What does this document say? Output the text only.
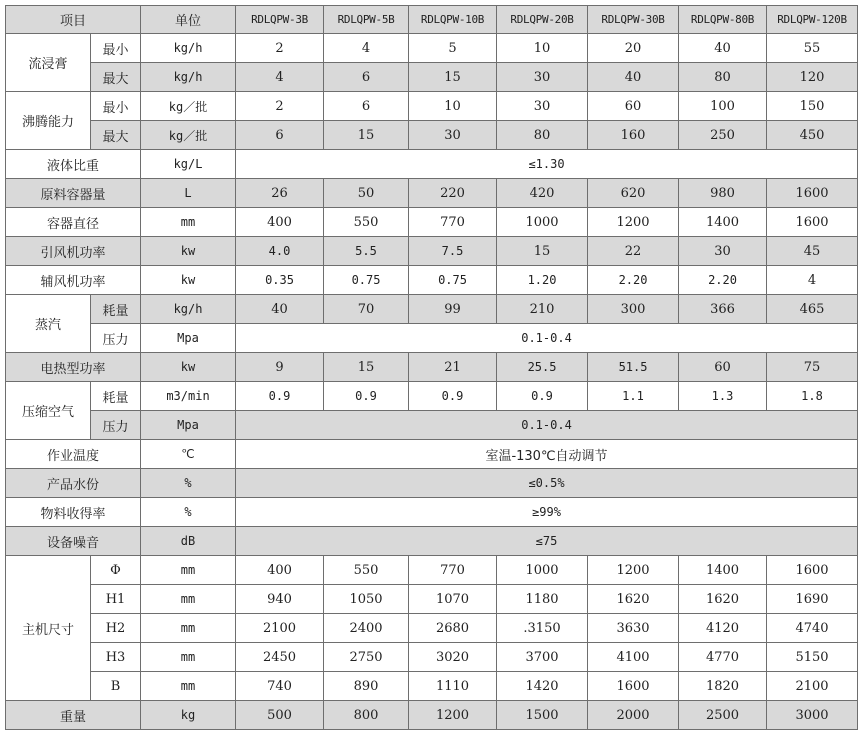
项目		单位	RDLQPW-3B	RDLQPW-5B	RDLQPW-10B	RDLQPW-20B	RDLQPW-30B	RDLQPW-80B	RDLQPW-120B
流浸膏	最小	kg/h	2	4	5	10	20	40	55
	最大	kg/h	4	6	15	30	40	80	120
沸腾能力	最小	kg／批	2	6	10	30	60	100	150
	最大	kg／批	6	15	30	80	160	250	450
液体比重		kg/L	≤1.30						
原料容器量		L	26	50	220	420	620	980	1600
容器直径		mm	400	550	770	1000	1200	1400	1600
引风机功率		kw	4.0	5.5	7.5	15	22	30	45
辅风机功率		kw	0.35	0.75	0.75	1.20	2.20	2.20	4
蒸汽	耗量	kg/h	40	70	99	210	300	366	465
	压力	Mpa	0.1-0.4						
电热型功率		kw	9	15	21	25.5	51.5	60	75
压缩空气	耗量	m3/min	0.9	0.9	0.9	0.9	1.1	1.3	1.8
	压力	Mpa	0.1-0.4						
作业温度		℃	室温-130℃自动调节						
产品水份		%	≤0.5%						
物料收得率		%	≥99%						
设备噪音		dB	≤75						
主机尺寸	Φ	mm	400	550	770	1000	1200	1400	1600
	H1	mm	940	1050	1070	1180	1620	1620	1690
	H2	mm	2100	2400	2680	.3150	3630	4120	4740
	H3	mm	2450	2750	3020	3700	4100	4770	5150
	B	mm	740	890	1110	1420	1600	1820	2100
重量		kg	500	800	1200	1500	2000	2500	3000
